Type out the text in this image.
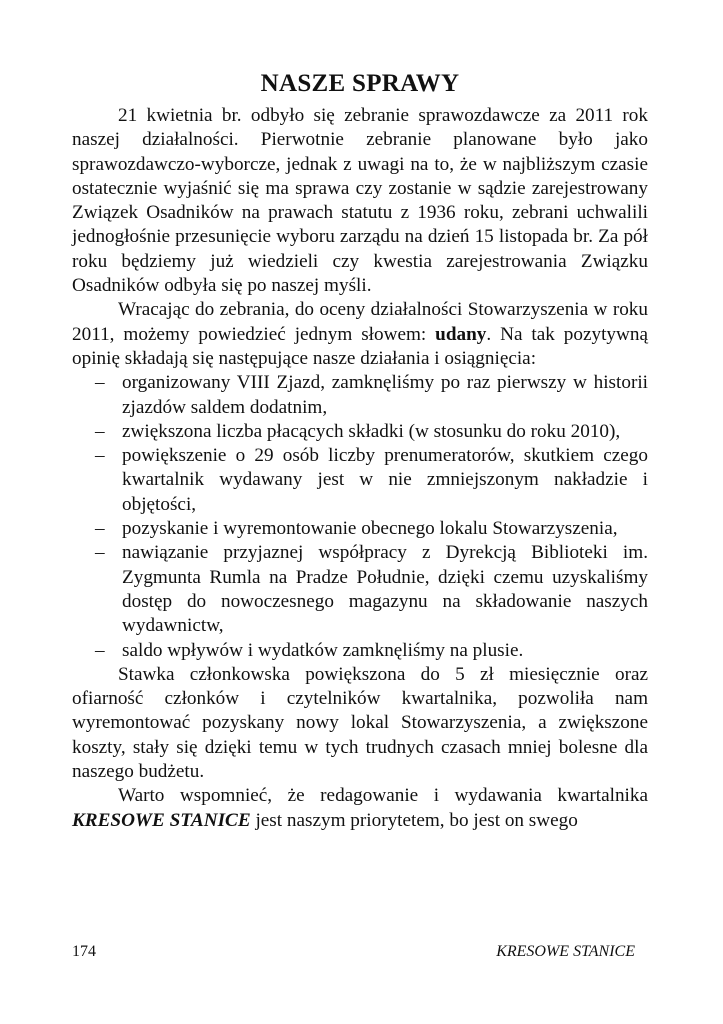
NASZE SPRAWY

21 kwietnia br. odbyło się zebranie sprawozdawcze za 2011 rok naszej działalności. Pierwotnie zebranie planowane było jako sprawozdawczo-wyborcze, jednak z uwagi na to, że w najbliższym czasie ostatecznie wyjaśnić się ma sprawa czy zostanie w sądzie zarejestrowany Związek Osadników na prawach statutu z 1936 roku, zebrani uchwalili jednogłośnie przesunięcie wyboru zarządu na dzień 15 listopada br. Za pół roku będziemy już wiedzieli czy kwestia zarejestrowania Związku Osadników odbyła się po naszej myśli.

Wracając do zebrania, do oceny działalności Stowarzyszenia w roku 2011, możemy powiedzieć jednym słowem: udany. Na tak pozytywną opinię składają się następujące nasze działania i osiągnięcia:

– organizowany VIII Zjazd, zamknęliśmy po raz pierwszy w historii zjazdów saldem dodatnim,
– zwiększona liczba płacących składki (w stosunku do roku 2010),
– powiększenie o 29 osób liczby prenumeratorów, skutkiem czego kwartalnik wydawany jest w nie zmniejszonym nakładzie i objętości,
– pozyskanie i wyremontowanie obecnego lokalu Stowarzyszenia,
– nawiązanie przyjaznej współpracy z Dyrekcją Biblioteki im. Zygmunta Rumla na Pradze Południe, dzięki czemu uzyskaliśmy dostęp do nowoczesnego magazynu na składowanie naszych wydawnictw,
– saldo wpływów i wydatków zamknęliśmy na plusie.

Stawka członkowska powiększona do 5 zł miesięcznie oraz ofiarność członków i czytelników kwartalnika, pozwoliła nam wyremontować pozyskany nowy lokal Stowarzyszenia, a zwiększone koszty, stały się dzięki temu w tych trudnych czasach mniej bolesne dla naszego budżetu.

Warto wspomnieć, że redagowanie i wydawania kwartalnika KRESOWE STANICE jest naszym priorytetem, bo jest on swego

174	KRESOWE STANICE
